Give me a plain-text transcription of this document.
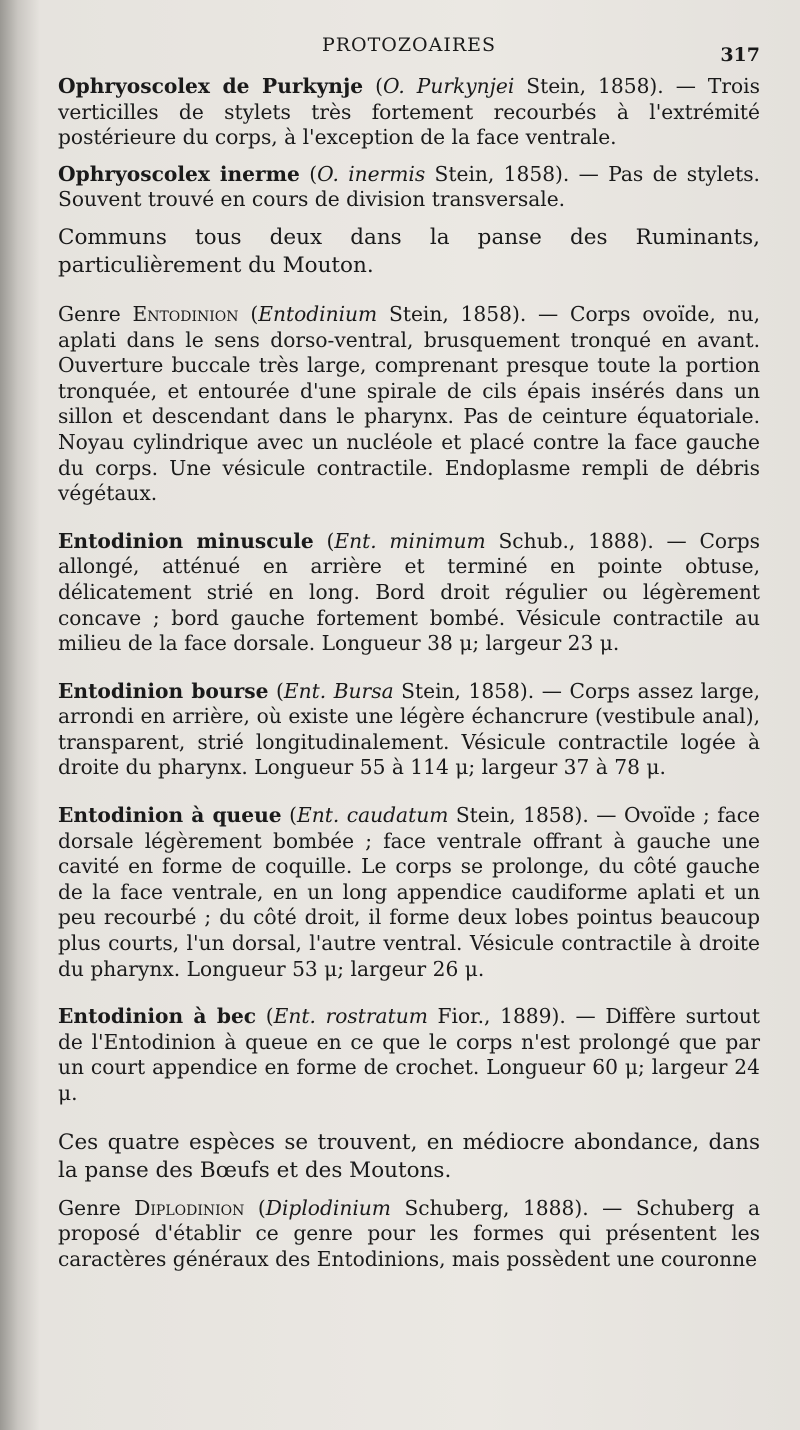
PROTOZOAIRES	317

Ophryoscolex de Purkynje (O. Purkynjei Stein, 1858). — Trois verticilles de stylets très fortement recourbés à l'extrémité postérieure du corps, à l'exception de la face ventrale.

Ophryoscolex inerme (O. inermis Stein, 1858). — Pas de stylets. Souvent trouvé en cours de division transversale.

Communs tous deux dans la panse des Ruminants, particulièrement du Mouton.

Genre Entodinion (Entodinium Stein, 1858). — Corps ovoïde, nu, aplati dans le sens dorso-ventral, brusquement tronqué en avant. Ouverture buccale très large, comprenant presque toute la portion tronquée, et entourée d'une spirale de cils épais insérés dans un sillon et descendant dans le pharynx. Pas de ceinture équatoriale. Noyau cylindrique avec un nucléole et placé contre la face gauche du corps. Une vésicule contractile. Endoplasme rempli de débris végétaux.

Entodinion minuscule (Ent. minimum Schub., 1888). — Corps allongé, atténué en arrière et terminé en pointe obtuse, délicatement strié en long. Bord droit régulier ou légèrement concave ; bord gauche fortement bombé. Vésicule contractile au milieu de la face dorsale. Longueur 38 μ; largeur 23 μ.

Entodinion bourse (Ent. Bursa Stein, 1858). — Corps assez large, arrondi en arrière, où existe une légère échancrure (vestibule anal), transparent, strié longitudinalement. Vésicule contractile logée à droite du pharynx. Longueur 55 à 114 μ; largeur 37 à 78 μ.

Entodinion à queue (Ent. caudatum Stein, 1858). — Ovoïde ; face dorsale légèrement bombée ; face ventrale offrant à gauche une cavité en forme de coquille. Le corps se prolonge, du côté gauche de la face ventrale, en un long appendice caudiforme aplati et un peu recourbé ; du côté droit, il forme deux lobes pointus beaucoup plus courts, l'un dorsal, l'autre ventral. Vésicule contractile à droite du pharynx. Longueur 53 μ; largeur 26 μ.

Entodinion à bec (Ent. rostratum Fior., 1889). — Diffère surtout de l'Entodinion à queue en ce que le corps n'est prolongé que par un court appendice en forme de crochet. Longueur 60 μ; largeur 24 μ.

Ces quatre espèces se trouvent, en médiocre abondance, dans la panse des Bœufs et des Moutons.

Genre Diplodinion (Diplodinium Schuberg, 1888). — Schuberg a proposé d'établir ce genre pour les formes qui présentent les caractères généraux des Entodinions, mais possèdent une couronne
